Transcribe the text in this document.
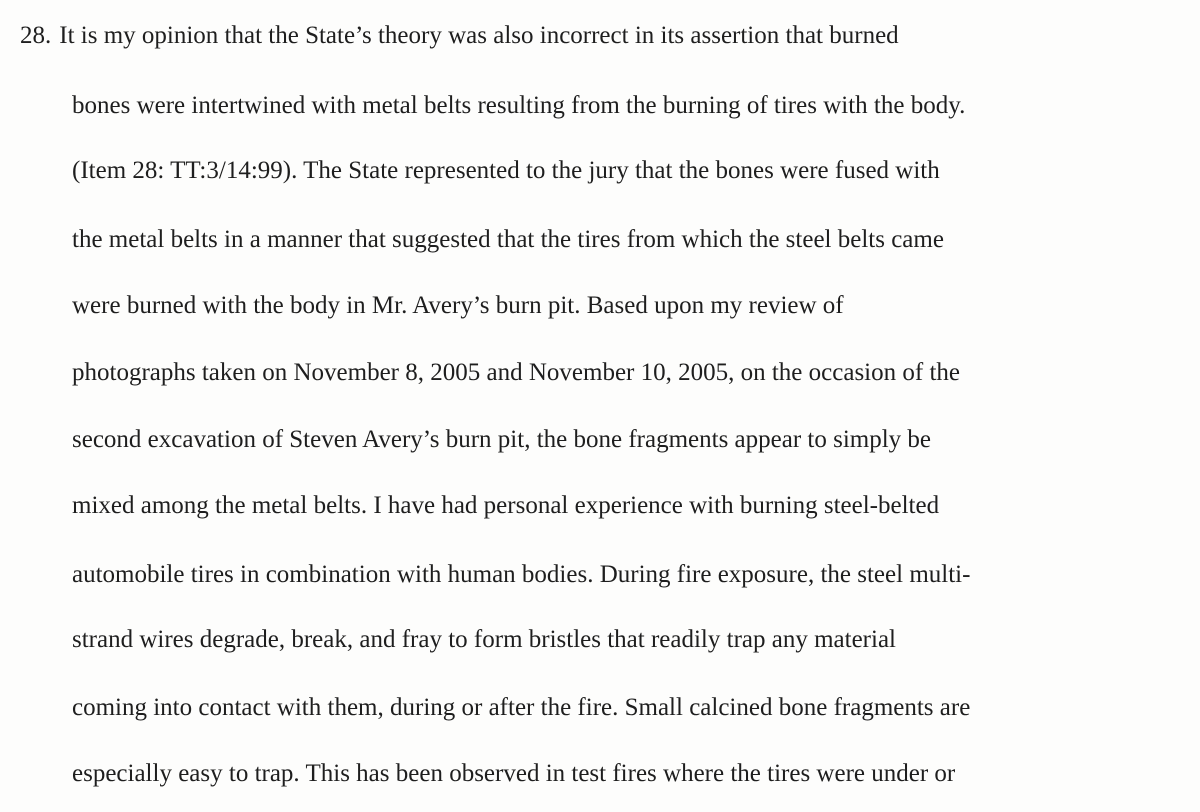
28. It is my opinion that the State’s theory was also incorrect in its assertion that burned
bones were intertwined with metal belts resulting from the burning of tires with the body.
(Item 28: TT:3/14:99). The State represented to the jury that the bones were fused with
the metal belts in a manner that suggested that the tires from which the steel belts came
were burned with the body in Mr. Avery’s burn pit. Based upon my review of
photographs taken on November 8, 2005 and November 10, 2005, on the occasion of the
second excavation of Steven Avery’s burn pit, the bone fragments appear to simply be
mixed among the metal belts. I have had personal experience with burning steel-belted
automobile tires in combination with human bodies. During fire exposure, the steel multi-
strand wires degrade, break, and fray to form bristles that readily trap any material
coming into contact with them, during or after the fire. Small calcined bone fragments are
especially easy to trap. This has been observed in test fires where the tires were under or
